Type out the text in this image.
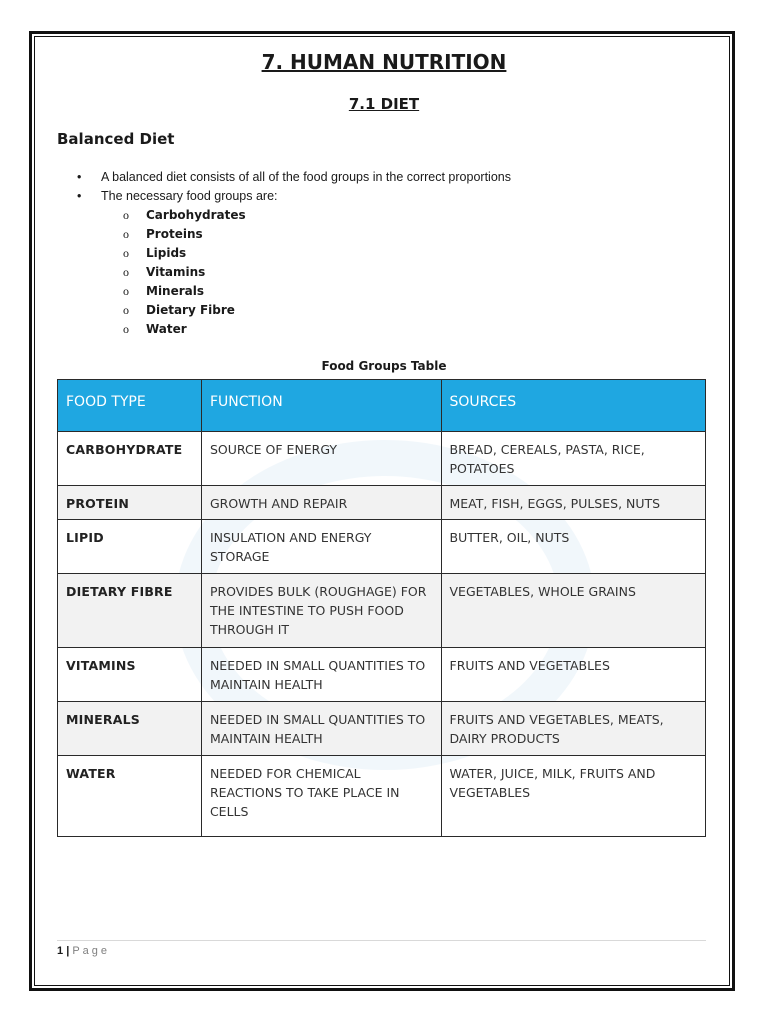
7. HUMAN NUTRITION
7.1 DIET
Balanced Diet
• A balanced diet consists of all of the food groups in the correct proportions
• The necessary food groups are:
o Carbohydrates
o Proteins
o Lipids
o Vitamins
o Minerals
o Dietary Fibre
o Water
Food Groups Table
FOOD TYPE	FUNCTION	SOURCES
CARBOHYDRATE	SOURCE OF ENERGY	BREAD, CEREALS, PASTA, RICE, POTATOES
PROTEIN	GROWTH AND REPAIR	MEAT, FISH, EGGS, PULSES, NUTS
LIPID	INSULATION AND ENERGY STORAGE	BUTTER, OIL, NUTS
DIETARY FIBRE	PROVIDES BULK (ROUGHAGE) FOR THE INTESTINE TO PUSH FOOD THROUGH IT	VEGETABLES, WHOLE GRAINS
VITAMINS	NEEDED IN SMALL QUANTITIES TO MAINTAIN HEALTH	FRUITS AND VEGETABLES
MINERALS	NEEDED IN SMALL QUANTITIES TO MAINTAIN HEALTH	FRUITS AND VEGETABLES, MEATS, DAIRY PRODUCTS
WATER	NEEDED FOR CHEMICAL REACTIONS TO TAKE PLACE IN CELLS	WATER, JUICE, MILK, FRUITS AND VEGETABLES
1 | Page
